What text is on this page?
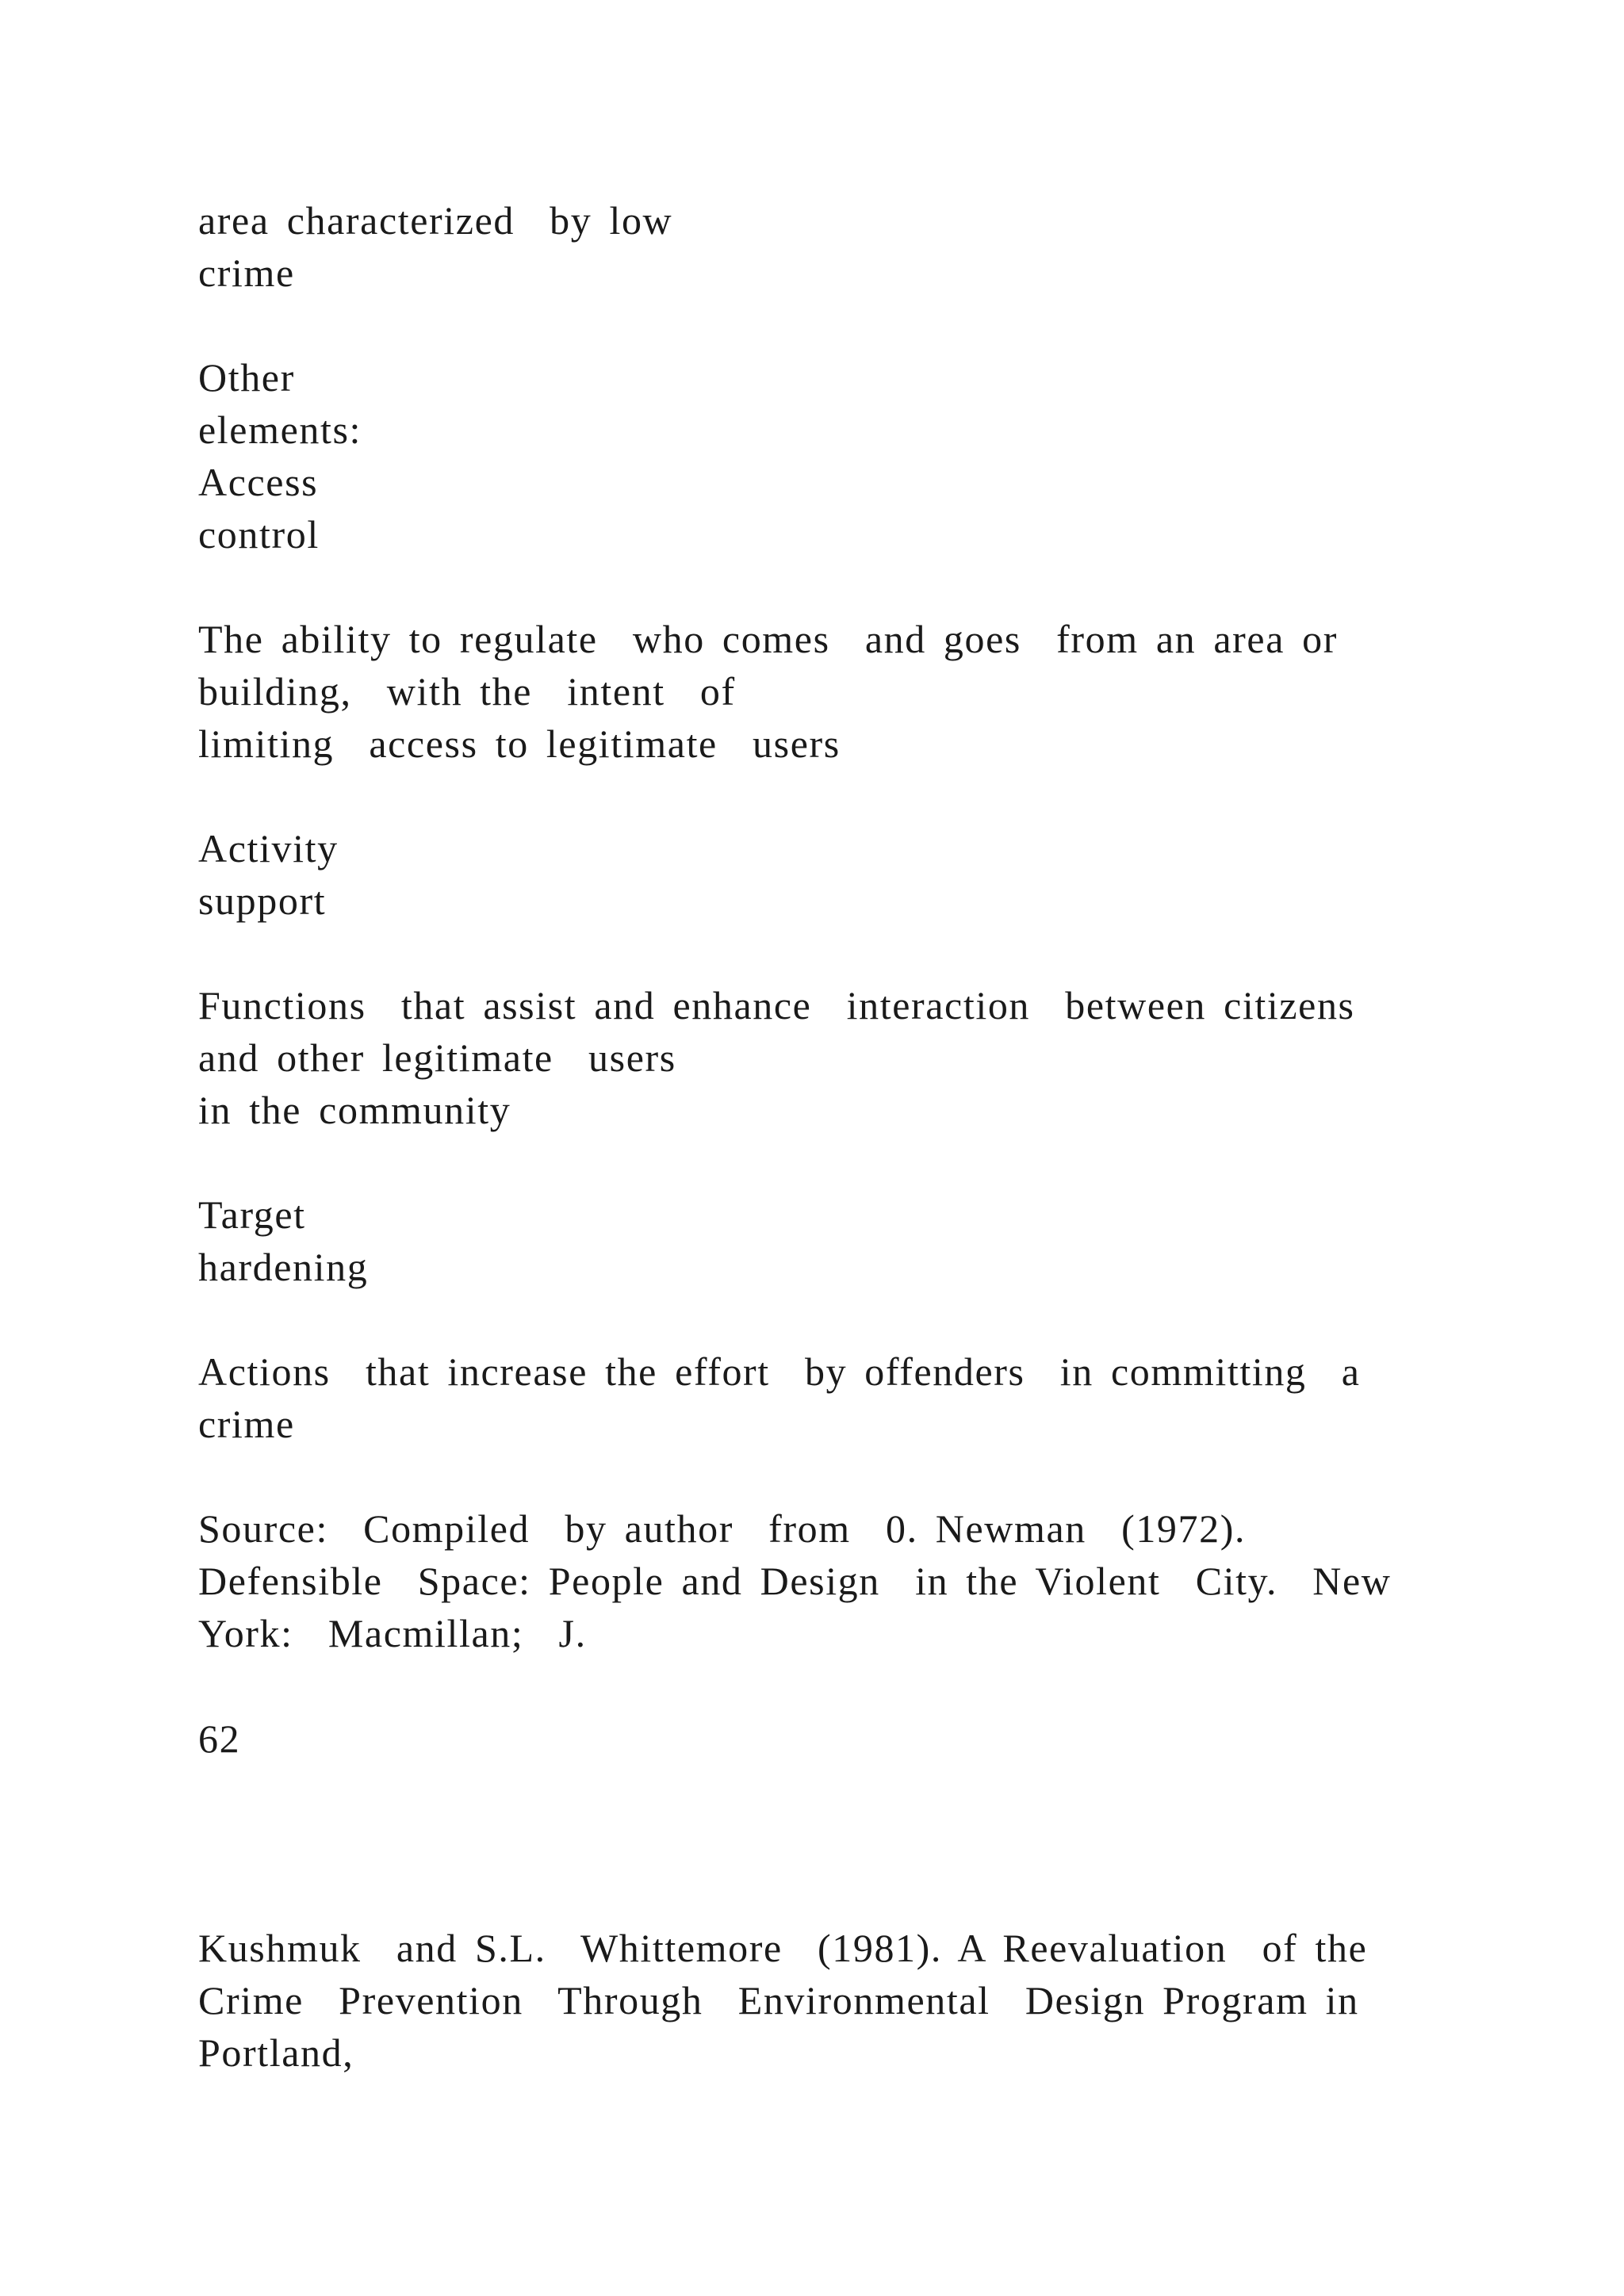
area characterized  by low
crime
Other
elements:
Access
control
The ability to regulate  who comes  and goes  from an area or
building,  with the  intent  of
limiting  access to legitimate  users
Activity
support
Functions  that assist and enhance  interaction  between citizens
and other legitimate  users
in the community
Target
hardening
Actions  that increase the effort  by offenders  in committing  a
crime
Source:  Compiled  by author  from  0. Newman  (1972).
Defensible  Space: People and Design  in the Violent  City.  New
York:  Macmillan;  J.
62
Kushmuk  and S.L.  Whittemore  (1981). A Reevaluation  of the
Crime  Prevention  Through  Environmental  Design Program in
Portland,
